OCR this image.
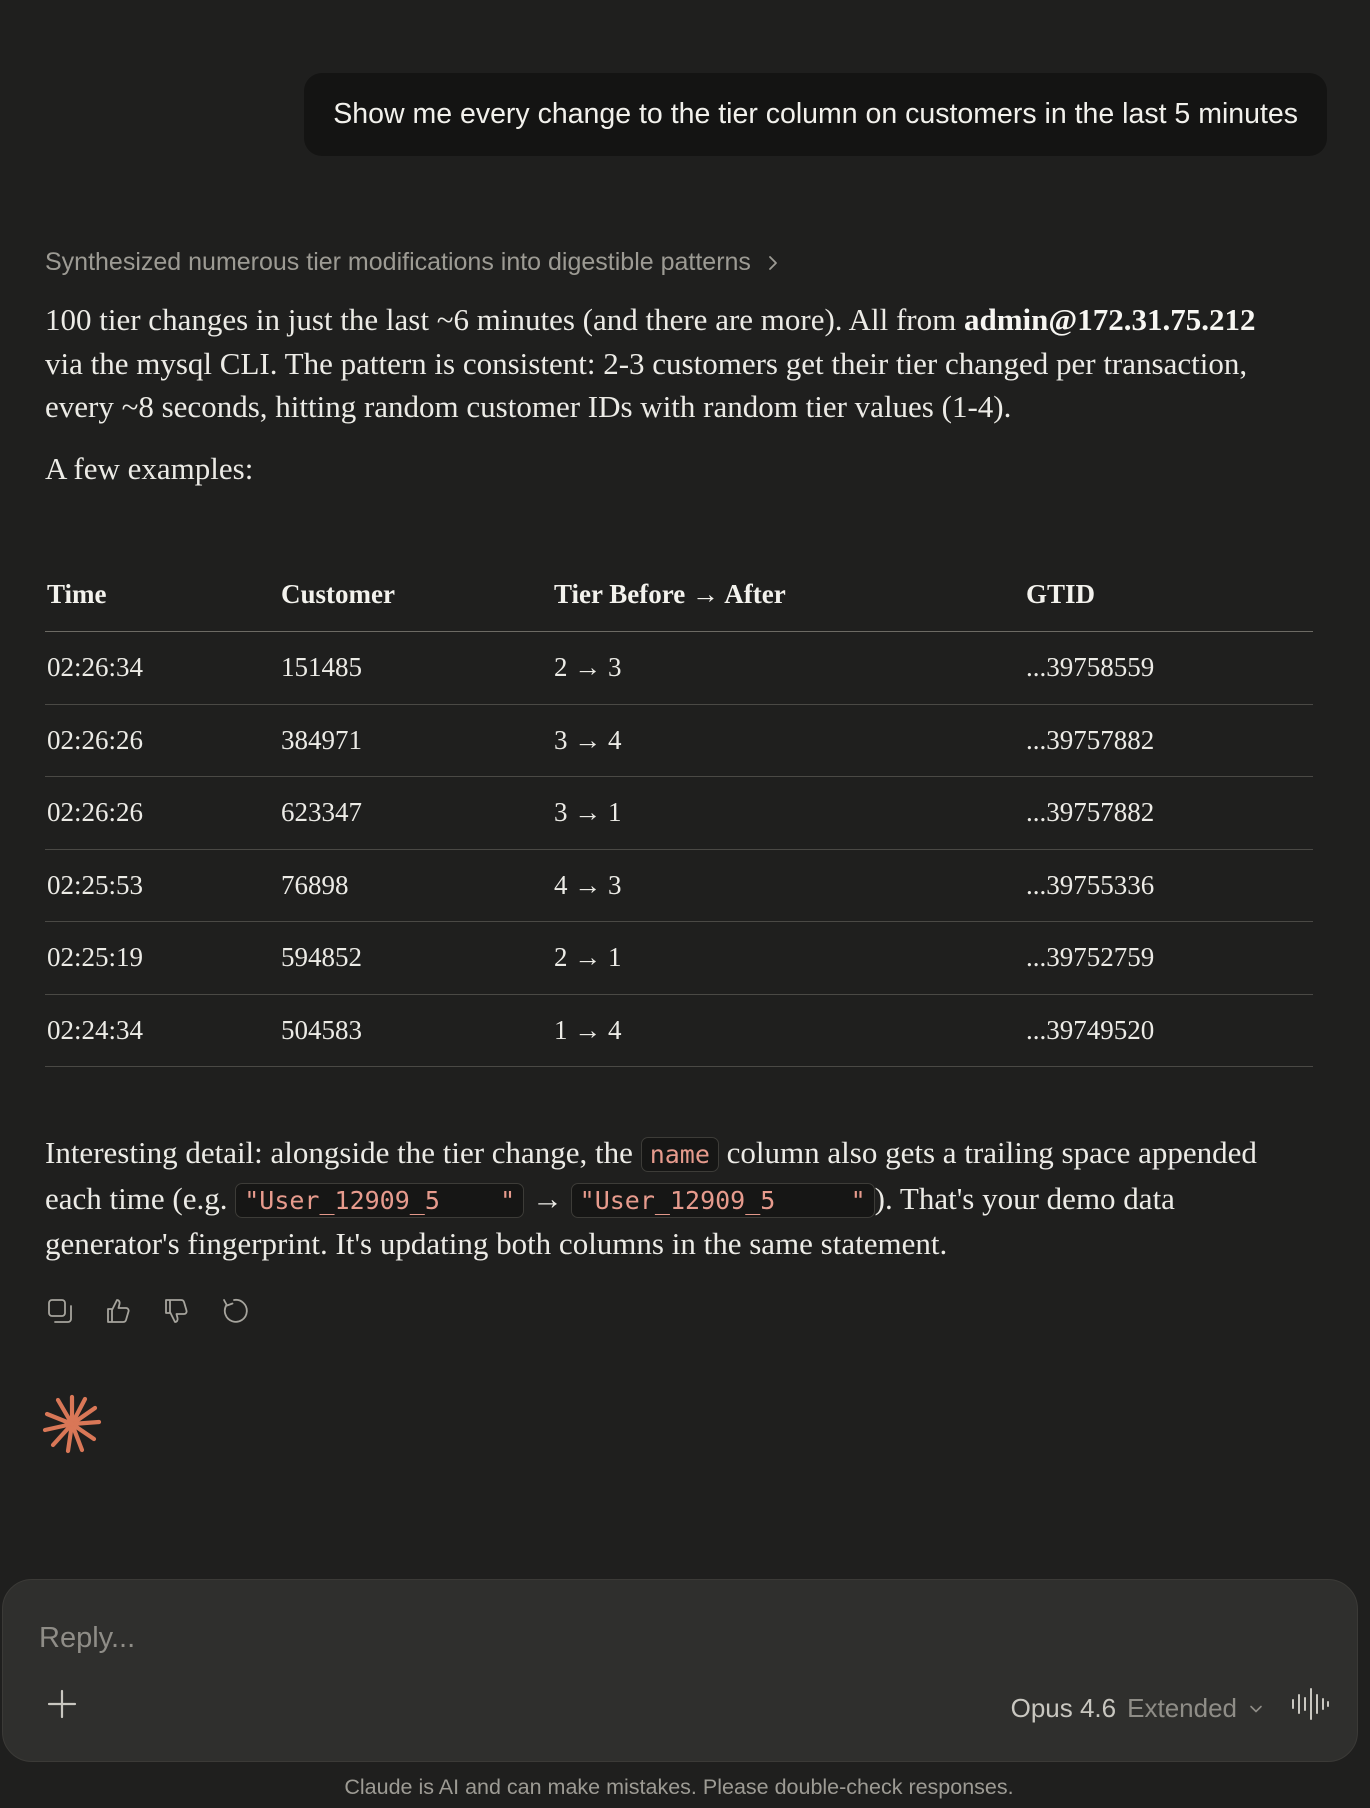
Show me every change to the tier column on customers in the last 5 minutes
Synthesized numerous tier modifications into digestible patterns

100 tier changes in just the last ~6 minutes (and there are more). All from admin@172.31.75.212 via the mysql CLI. The pattern is consistent: 2-3 customers get their tier changed per transaction, every ~8 seconds, hitting random customer IDs with random tier values (1-4).

A few examples:

Time	Customer	Tier Before → After	GTID
02:26:34	151485	2 → 3	...39758559
02:26:26	384971	3 → 4	...39757882
02:26:26	623347	3 → 1	...39757882
02:25:53	76898	4 → 3	...39755336
02:25:19	594852	2 → 1	...39752759
02:24:34	504583	1 → 4	...39749520
Interesting detail: alongside the tier change, the name column also gets a trailing space appended each time (e.g. "User_12909_5    " → "User_12909_5     " ). That's your demo data generator's fingerprint. It's updating both columns in the same statement.
Reply...
Opus 4.6 Extended
Claude is AI and can make mistakes. Please double-check responses.
